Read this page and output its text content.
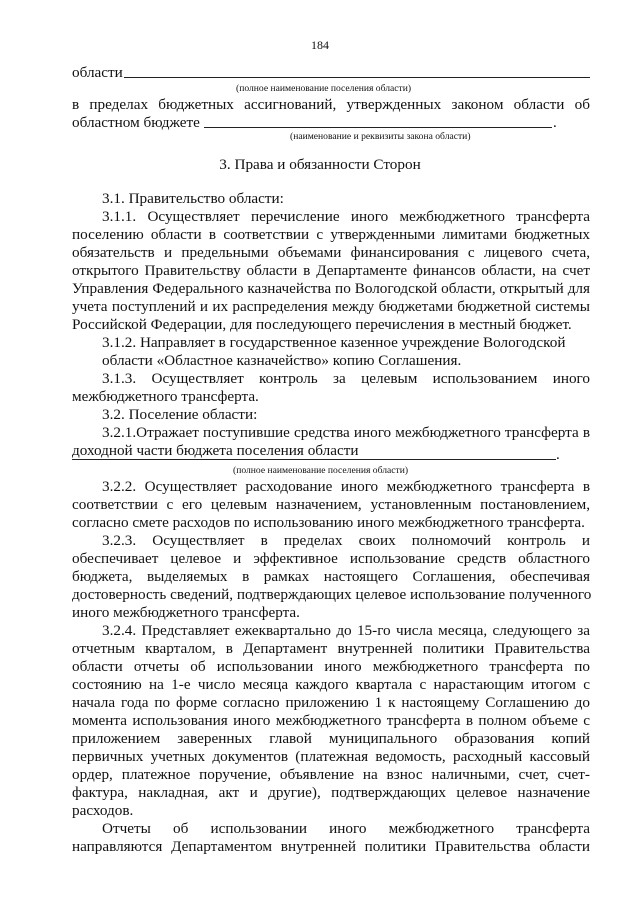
184
области
(полное наименование поселения области)
в пределах бюджетных ассигнований, утвержденных законом области об
областном бюджете	.
(наименование и реквизиты закона области)
3. Права и обязанности Сторон
3.1. Правительство области:
3.1.1. Осуществляет перечисление иного межбюджетного трансферта
поселению области в соответствии с утвержденными лимитами бюджетных
обязательств и предельными объемами финансирования с лицевого счета,
открытого Правительству области в Департаменте финансов области, на счет
Управления Федерального казначейства по Вологодской области, открытый для
учета поступлений и их распределения между бюджетами бюджетной системы
Российской Федерации, для последующего перечисления в местный бюджет.
3.1.2. Направляет в государственное казенное учреждение Вологодской
области «Областное казначейство» копию Соглашения.
3.1.3. Осуществляет контроль за целевым использованием иного
межбюджетного трансферта.
3.2. Поселение области:
3.2.1.Отражает поступившие средства иного межбюджетного трансферта в
доходной части бюджета поселения области	.
(полное наименование поселения области)
3.2.2. Осуществляет расходование иного межбюджетного трансферта в
соответствии с его целевым назначением, установленным постановлением,
согласно смете расходов по использованию иного межбюджетного трансферта.
3.2.3. Осуществляет в пределах своих полномочий контроль и
обеспечивает целевое и эффективное использование средств областного
бюджета, выделяемых в рамках настоящего Соглашения, обеспечивая
достоверность сведений, подтверждающих целевое использование полученного
иного межбюджетного трансферта.
3.2.4. Представляет ежеквартально до 15-го числа месяца, следующего за
отчетным кварталом, в Департамент внутренней политики Правительства
области отчеты об использовании иного межбюджетного трансферта по
состоянию на 1-е число месяца каждого квартала с нарастающим итогом с
начала года по форме согласно приложению 1 к настоящему Соглашению до
момента использования иного межбюджетного трансферта в полном объеме с
приложением заверенных главой муниципального образования копий
первичных учетных документов (платежная ведомость, расходный кассовый
ордер, платежное поручение, объявление на взнос наличными, счет, счет-
фактура, накладная, акт и другие), подтверждающих целевое назначение
расходов.
Отчеты об использовании иного межбюджетного трансферта
направляются Департаментом внутренней политики Правительства области
